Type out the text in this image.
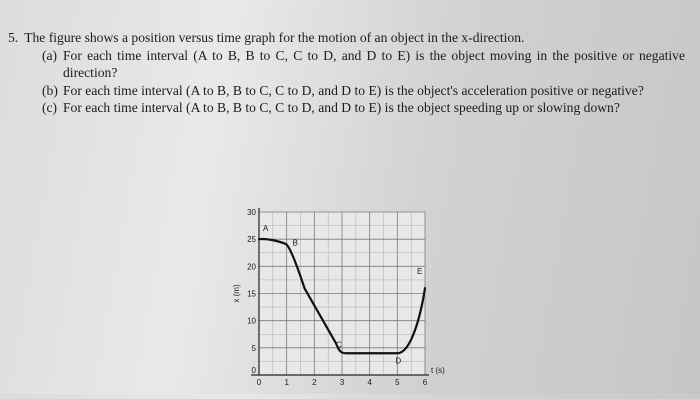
5. The figure shows a position versus time graph for the motion of an object in the x-direction.
(a) For each time interval (A to B, B to C, C to D, and D to E) is the object moving in the positive or negative direction?
(b) For each time interval (A to B, B to C, C to D, and D to E) is the object's acceleration positive or negative?
(c) For each time interval (A to B, B to C, C to D, and D to E) is the object speeding up or slowing down?
5
10
15
20
25
30
0
0	1	2	3	4	5	6
x (m)
t (s)
A
B
C
D
E
